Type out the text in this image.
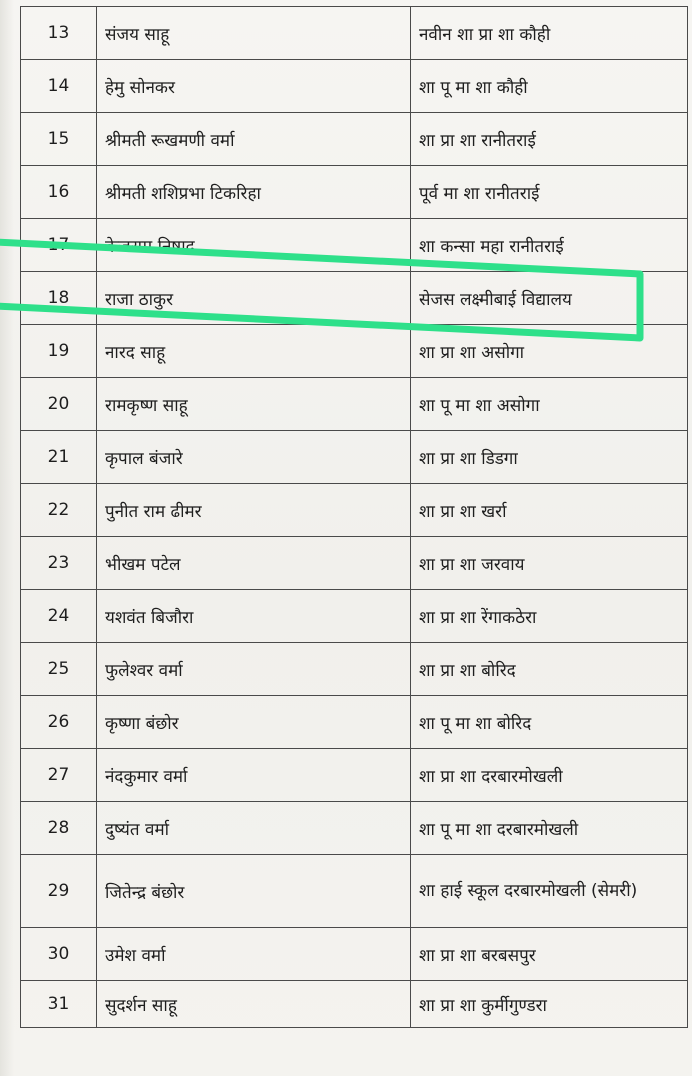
13	संजय साहू	नवीन शा प्रा शा कौही
14	हेमु सोनकर	शा पू मा शा कौही
15	श्रीमती रूखमणी वर्मा	शा प्रा शा रानीतराई
16	श्रीमती शशिप्रभा टिकरिहा	पूर्व मा शा रानीतराई
17	केजराम निषाद	शा कन्सा महा रानीतराई
18	राजा ठाकुर	सेजस लक्ष्मीबाई विद्यालय
19	नारद साहू	शा प्रा शा असोगा
20	रामकृष्ण साहू	शा पू मा शा असोगा
21	कृपाल बंजारे	शा प्रा शा डिडगा
22	पुनीत राम ढीमर	शा प्रा शा खर्रा
23	भीखम पटेल	शा प्रा शा जरवाय
24	यशवंत बिजौरा	शा प्रा शा रेंगाकठेरा
25	फुलेश्वर वर्मा	शा प्रा शा बोरिद
26	कृष्णा बंछोर	शा पू मा शा बोरिद
27	नंदकुमार वर्मा	शा प्रा शा दरबारमोखली
28	दुष्यंत वर्मा	शा पू मा शा दरबारमोखली
29	जितेन्द्र बंछोर	शा हाई स्कूल दरबारमोखली (सेमरी)
30	उमेश वर्मा	शा प्रा शा बरबसपुर
31	सुदर्शन साहू	शा प्रा शा कुर्मीगुण्डरा
